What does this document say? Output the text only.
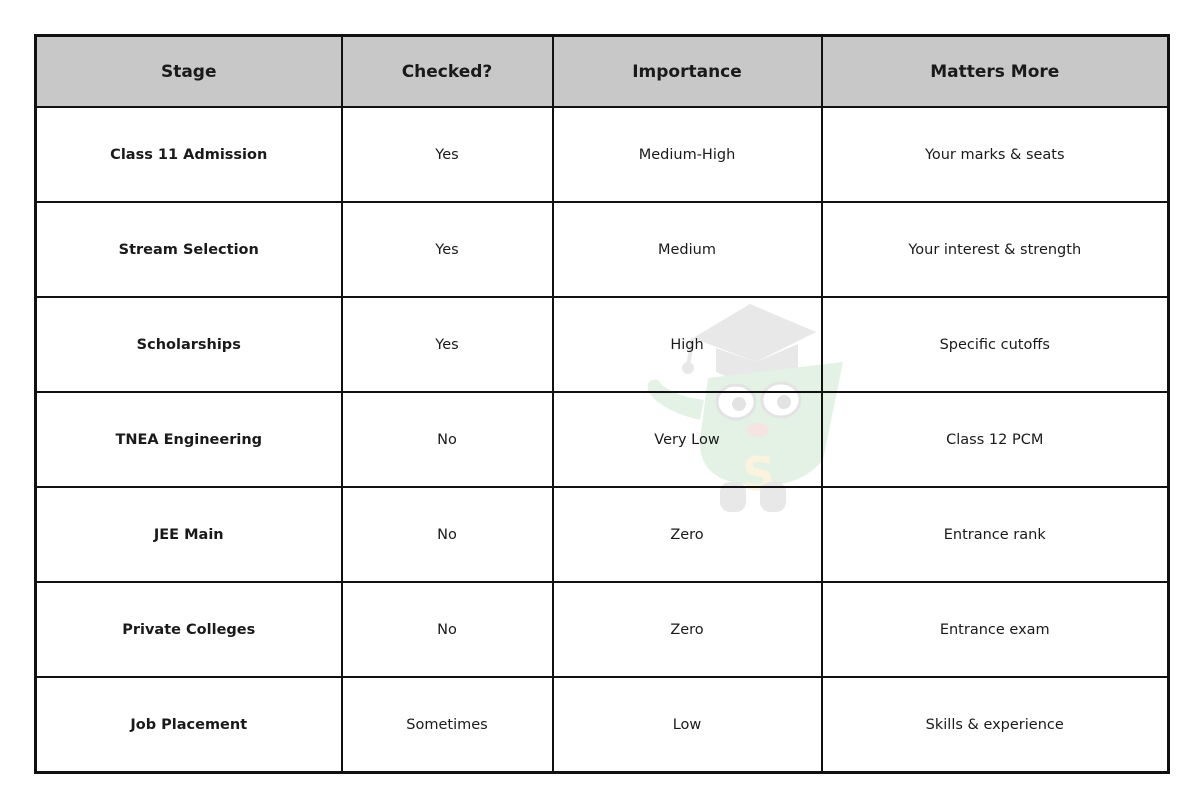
S
Stage	Checked?	Importance	Matters More
Class 11 Admission	Yes	Medium-High	Your marks & seats
Stream Selection	Yes	Medium	Your interest & strength
Scholarships	Yes	High	Specific cutoffs
TNEA Engineering	No	Very Low	Class 12 PCM
JEE Main	No	Zero	Entrance rank
Private Colleges	No	Zero	Entrance exam
Job Placement	Sometimes	Low	Skills & experience
